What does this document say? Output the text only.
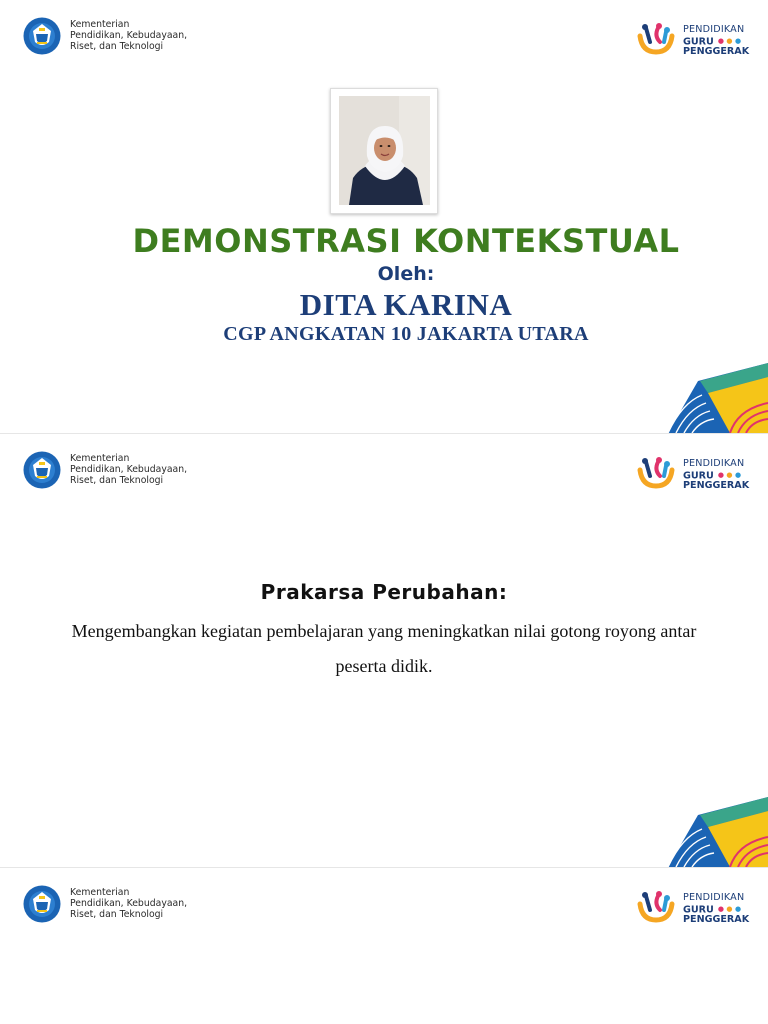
Kementerian
Pendidikan, Kebudayaan,
Riset, dan Teknologi
PENDIDIKAN
GURU ● ● ●
PENGGERAK
DEMONSTRASI KONTEKSTUAL
Oleh:
DITA KARINA
CGP ANGKATAN 10 JAKARTA UTARA
Kementerian
Pendidikan, Kebudayaan,
Riset, dan Teknologi
PENDIDIKAN
GURU ● ● ●
PENGGERAK
Prakarsa Perubahan:
Mengembangkan kegiatan pembelajaran yang meningkatkan nilai gotong royong antar peserta didik.
Kementerian
Pendidikan, Kebudayaan,
Riset, dan Teknologi
PENDIDIKAN
GURU ● ● ●
PENGGERAK
